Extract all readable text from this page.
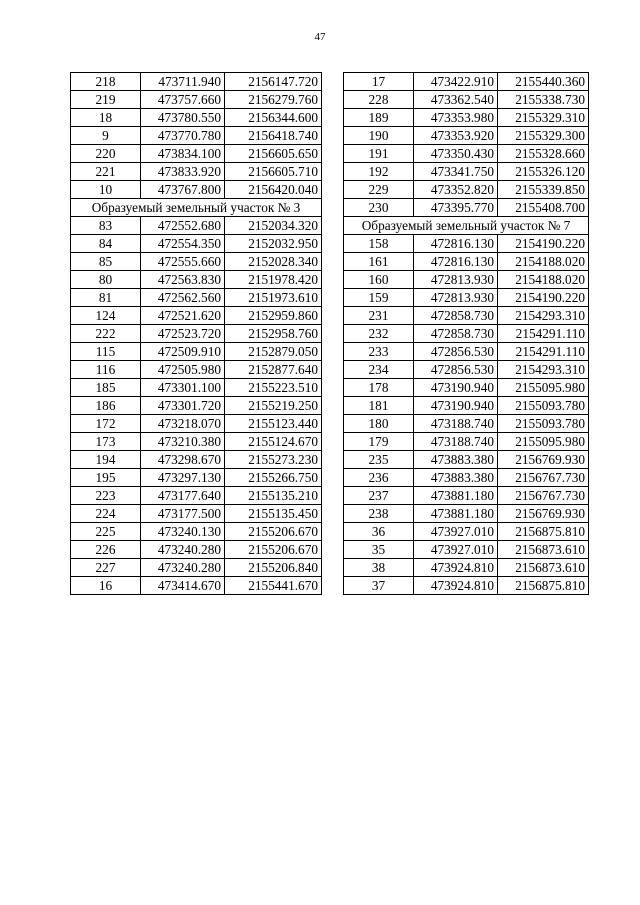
47
218	473711.940	2156147.720
219	473757.660	2156279.760
18	473780.550	2156344.600
9	473770.780	2156418.740
220	473834.100	2156605.650
221	473833.920	2156605.710
10	473767.800	2156420.040
Образуемый земельный участок № 3		
83	472552.680	2152034.320
84	472554.350	2152032.950
85	472555.660	2152028.340
80	472563.830	2151978.420
81	472562.560	2151973.610
124	472521.620	2152959.860
222	472523.720	2152958.760
115	472509.910	2152879.050
116	472505.980	2152877.640
185	473301.100	2155223.510
186	473301.720	2155219.250
172	473218.070	2155123.440
173	473210.380	2155124.670
194	473298.670	2155273.230
195	473297.130	2155266.750
223	473177.640	2155135.210
224	473177.500	2155135.450
225	473240.130	2155206.670
226	473240.280	2155206.670
227	473240.280	2155206.840
16	473414.670	2155441.670
17	473422.910	2155440.360
228	473362.540	2155338.730
189	473353.980	2155329.310
190	473353.920	2155329.300
191	473350.430	2155328.660
192	473341.750	2155326.120
229	473352.820	2155339.850
230	473395.770	2155408.700
Образуемый земельный участок № 7		
158	472816.130	2154190.220
161	472816.130	2154188.020
160	472813.930	2154188.020
159	472813.930	2154190.220
231	472858.730	2154293.310
232	472858.730	2154291.110
233	472856.530	2154291.110
234	472856.530	2154293.310
178	473190.940	2155095.980
181	473190.940	2155093.780
180	473188.740	2155093.780
179	473188.740	2155095.980
235	473883.380	2156769.930
236	473883.380	2156767.730
237	473881.180	2156767.730
238	473881.180	2156769.930
36	473927.010	2156875.810
35	473927.010	2156873.610
38	473924.810	2156873.610
37	473924.810	2156875.810
